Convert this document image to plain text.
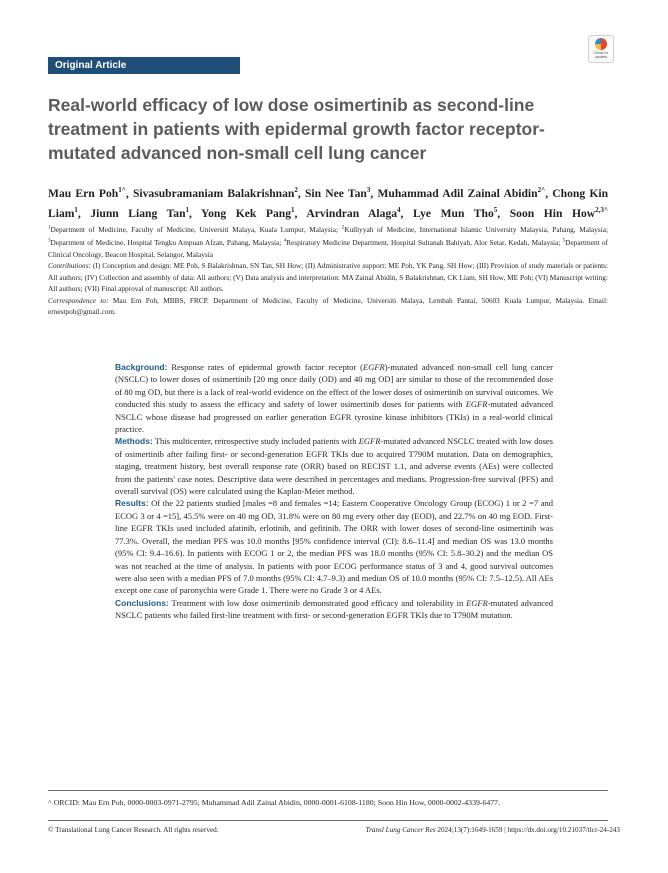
Original Article
Check for updates
Real-world efficacy of low dose osimertinib as second-line treatment in patients with epidermal growth factor receptor-mutated advanced non-small cell lung cancer

Mau Ern Poh$^{1\^{}}$, Sivasubramaniam Balakrishnan$^2$, Sin Nee Tan$^3$, Muhammad Adil Zainal Abidin$^{2\^{}}$, Chong Kin Liam$^1$, Jiunn Liang Tan$^1$, Yong Kek Pang$^1$, Arvindran Alaga$^4$, Lye Mun Tho$^5$, Soon Hin How$^{2,3\^{}}$

$^1$Department of Medicine, Faculty of Medicine, Universiti Malaya, Kuala Lumpur, Malaysia; $^2$Kulliyyah of Medicine, International Islamic University Malaysia, Pahang, Malaysia; $^3$Department of Medicine, Hospital Tengku Ampuan Afzan, Pahang, Malaysia; $^4$Respiratory Medicine Department, Hospital Sultanah Bahiyah, Alor Setar, Kedah, Malaysia; $^5$Department of Clinical Oncology, Beacon Hospital, Selangor, Malaysia
Contributions: (I) Conception and design: ME Poh, S Balakrishnan, SN Tan, SH How; (II) Administrative support: ME Poh, YK Pang, SH How; (III) Provision of study materials or patients: All authors; (IV) Collection and assembly of data: All authors; (V) Data analysis and interpretation: MA Zainal Abidin, S Balakrishnan, CK Liam, SH How, ME Poh; (VI) Manuscript writing: All authors; (VII) Final approval of manuscript: All authors.
Correspondence to: Mau Ern Poh, MBBS, FRCP. Department of Medicine, Faculty of Medicine, Universiti Malaya, Lembah Pantai, 50603 Kuala Lumpur, Malaysia. Email: ernestpoh@gmail.com.

Background: Response rates of epidermal growth factor receptor (EGFR)-mutated advanced non-small cell lung cancer (NSCLC) to lower doses of osimertinib [20 mg once daily (OD) and 40 mg OD] are similar to those of the recommended dose of 80 mg OD, but there is a lack of real-world evidence on the effect of the lower doses of osimertinib on survival outcomes. We conducted this study to assess the efficacy and safety of lower osimertinib doses for patients with EGFR-mutated advanced NSCLC whose disease had progressed on earlier generation EGFR tyrosine kinase inhibitors (TKIs) in a real-world clinical practice.

Methods: This multicenter, retrospective study included patients with EGFR-mutated advanced NSCLC treated with low doses of osimertinib after failing first- or second-generation EGFR TKIs due to acquired T790M mutation. Data on demographics, staging, treatment history, best overall response rate (ORR) based on RECIST 1.1, and adverse events (AEs) were collected from the patients' case notes. Descriptive data were described in percentages and medians. Progression-free survival (PFS) and overall survival (OS) were calculated using the Kaplan-Meier method.

Results: Of the 22 patients studied [males =8 and females =14; Eastern Cooperative Oncology Group (ECOG) 1 or 2 =7 and ECOG 3 or 4 =15], 45.5% were on 40 mg OD, 31.8% were on 80 mg every other day (EOD), and 22.7% on 40 mg EOD. First-line EGFR TKIs used included afatinib, erlotinib, and gefitinib. The ORR with lower doses of second-line osimertinib was 77.3%. Overall, the median PFS was 10.0 months [95% confidence interval (CI): 8.6–11.4] and median OS was 13.0 months (95% CI: 9.4–16.6). In patients with ECOG 1 or 2, the median PFS was 18.0 months (95% CI: 5.8–30.2) and the median OS was not reached at the time of analysis. In patients with poor ECOG performance status of 3 and 4, good survival outcomes were also seen with a median PFS of 7.0 months (95% CI: 4.7–9.3) and median OS of 10.0 months (95% CI: 7.5–12.5). All AEs except one case of paronychia were Grade 1. There were no Grade 3 or 4 AEs.

Conclusions: Treatment with low dose osimertinib demonstrated good efficacy and tolerability in EGFR-mutated advanced NSCLC patients who failed first-line treatment with first- or second-generation EGFR TKIs due to T790M mutation.

^ ORCID: Mau Ern Poh, 0000-0003-0971-2795; Muhammad Adil Zainal Abidin, 0000-0001-6108-1180; Soon Hin How, 0000-0002-4339-6477.

© Translational Lung Cancer Research. All rights reserved.	Transl Lung Cancer Res 2024;13(7):1649-1659 | https://dx.doi.org/10.21037/tlcr-24-243
